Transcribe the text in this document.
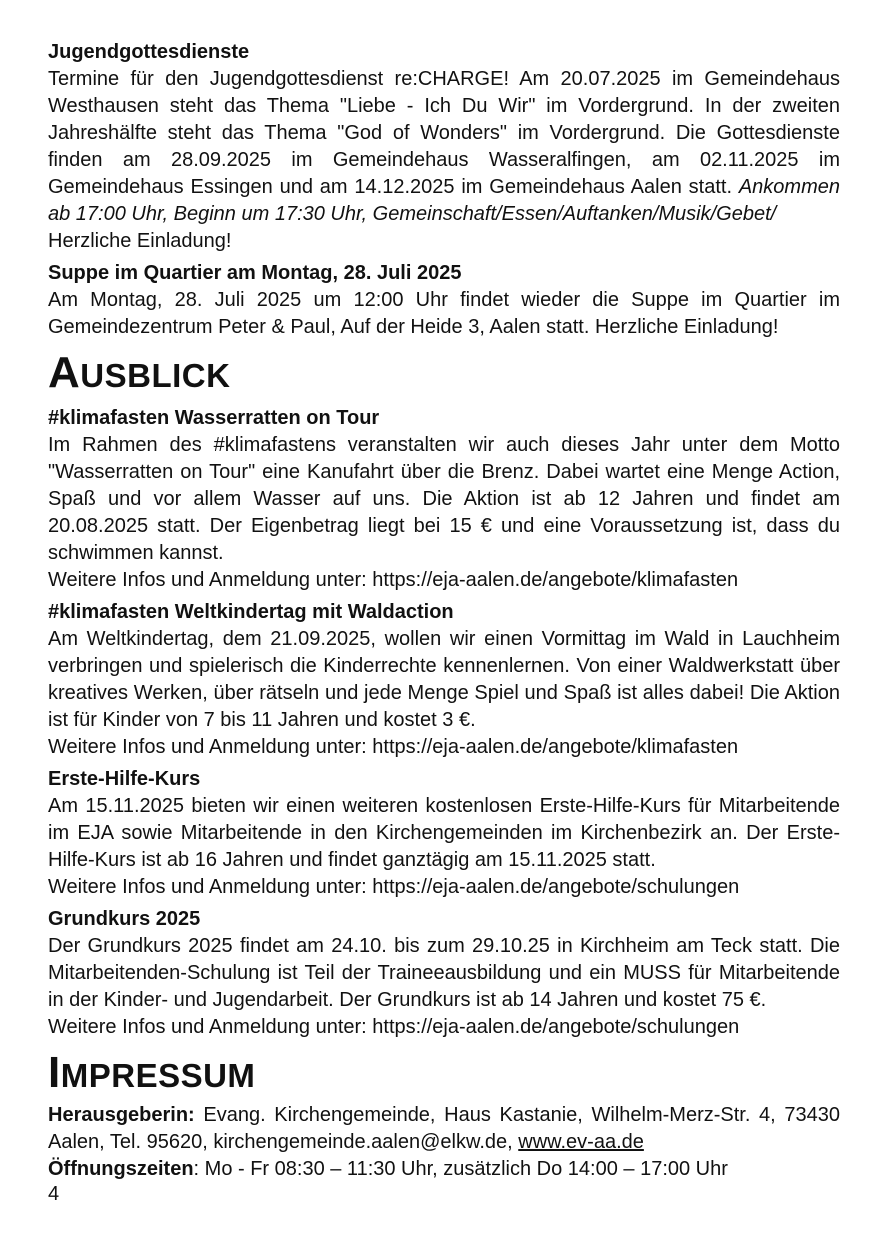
Jugendgottesdienste
Termine für den Jugendgottesdienst re:CHARGE! Am 20.07.2025 im Gemeindehaus Westhausen steht das Thema "Liebe - Ich Du Wir" im Vordergrund. In der zweiten Jahreshälfte steht das Thema "God of Wonders" im Vordergrund. Die Gottesdienste finden am 28.09.2025 im Gemeindehaus Wasseralfingen, am 02.11.2025 im Gemeindehaus Essingen und am 14.12.2025 im Gemeindehaus Aalen statt. Ankommen ab 17:00 Uhr, Beginn um 17:30 Uhr, Gemeinschaft/Essen/Auftanken/Musik/Gebet/
Herzliche Einladung!
Suppe im Quartier am Montag, 28. Juli 2025
Am Montag, 28. Juli 2025 um 12:00 Uhr findet wieder die Suppe im Quartier im Gemeindezentrum Peter & Paul, Auf der Heide 3, Aalen statt. Herzliche Einladung!
AUSBLICK
#klimafasten Wasserratten on Tour
Im Rahmen des #klimafastens veranstalten wir auch dieses Jahr unter dem Motto "Wasserratten on Tour" eine Kanufahrt über die Brenz. Dabei wartet eine Menge Action, Spaß und vor allem Wasser auf uns. Die Aktion ist ab 12 Jahren und findet am 20.08.2025 statt. Der Eigenbetrag liegt bei 15 € und eine Voraussetzung ist, dass du schwimmen kannst.
Weitere Infos und Anmeldung unter: https://eja-aalen.de/angebote/klimafasten
#klimafasten Weltkindertag mit Waldaction
Am Weltkindertag, dem 21.09.2025, wollen wir einen Vormittag im Wald in Lauchheim verbringen und spielerisch die Kinderrechte kennenlernen. Von einer Waldwerkstatt über kreatives Werken, über rätseln und jede Menge Spiel und Spaß ist alles dabei! Die Aktion ist für Kinder von 7 bis 11 Jahren und kostet 3 €.
Weitere Infos und Anmeldung unter: https://eja-aalen.de/angebote/klimafasten
Erste-Hilfe-Kurs
Am 15.11.2025 bieten wir einen weiteren kostenlosen Erste-Hilfe-Kurs für Mitarbeitende im EJA sowie Mitarbeitende in den Kirchengemeinden im Kirchenbezirk an. Der Erste-Hilfe-Kurs ist ab 16 Jahren und findet ganztägig am 15.11.2025 statt.
Weitere Infos und Anmeldung unter: https://eja-aalen.de/angebote/schulungen
Grundkurs 2025
Der Grundkurs 2025 findet am 24.10. bis zum 29.10.25 in Kirchheim am Teck statt. Die Mitarbeitenden-Schulung ist Teil der Traineeausbildung und ein MUSS für Mitarbeitende in der Kinder- und Jugendarbeit. Der Grundkurs ist ab 14 Jahren und kostet 75 €.
Weitere Infos und Anmeldung unter: https://eja-aalen.de/angebote/schulungen
IMPRESSUM
Herausgeberin: Evang. Kirchengemeinde, Haus Kastanie, Wilhelm-Merz-Str. 4, 73430 Aalen, Tel. 95620, kirchengemeinde.aalen@elkw.de, www.ev-aa.de
Öffnungszeiten: Mo - Fr 08:30 – 11:30 Uhr, zusätzlich Do 14:00 – 17:00 Uhr
4
